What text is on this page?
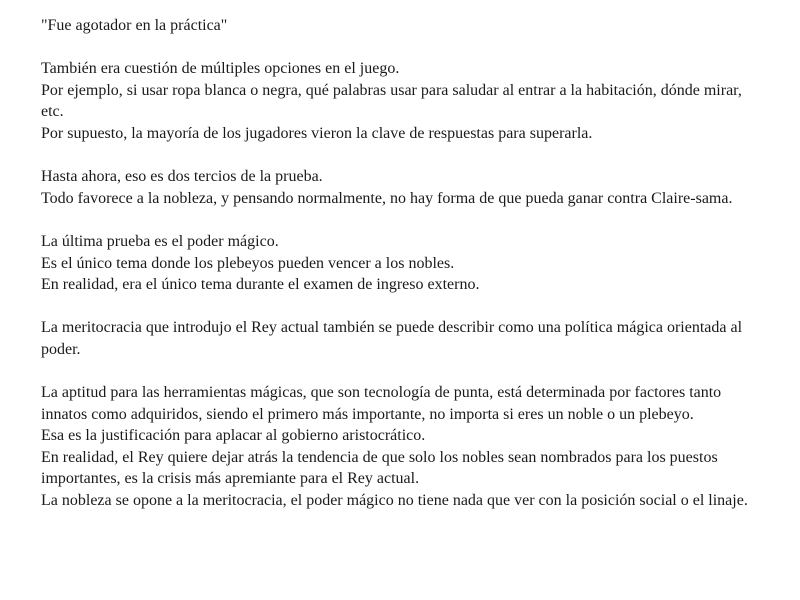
"Fue agotador en la práctica"
También era cuestión de múltiples opciones en el juego.
Por ejemplo, si usar ropa blanca o negra, qué palabras usar para saludar al entrar a la habitación, dónde mirar, etc.
Por supuesto, la mayoría de los jugadores vieron la clave de respuestas para superarla.
Hasta ahora, eso es dos tercios de la prueba.
Todo favorece a la nobleza, y pensando normalmente, no hay forma de que pueda ganar contra Claire-sama.
La última prueba es el poder mágico.
Es el único tema donde los plebeyos pueden vencer a los nobles.
En realidad, era el único tema durante el examen de ingreso externo.
La meritocracia que introdujo el Rey actual también se puede describir como una política mágica orientada al poder.
La aptitud para las herramientas mágicas, que son tecnología de punta, está determinada por factores tanto innatos como adquiridos, siendo el primero más importante, no importa si eres un noble o un plebeyo.
Esa es la justificación para aplacar al gobierno aristocrático.
En realidad, el Rey quiere dejar atrás la tendencia de que solo los nobles sean nombrados para los puestos importantes, es la crisis más apremiante para el Rey actual.
La nobleza se opone a la meritocracia, el poder mágico no tiene nada que ver con la posición social o el linaje.
